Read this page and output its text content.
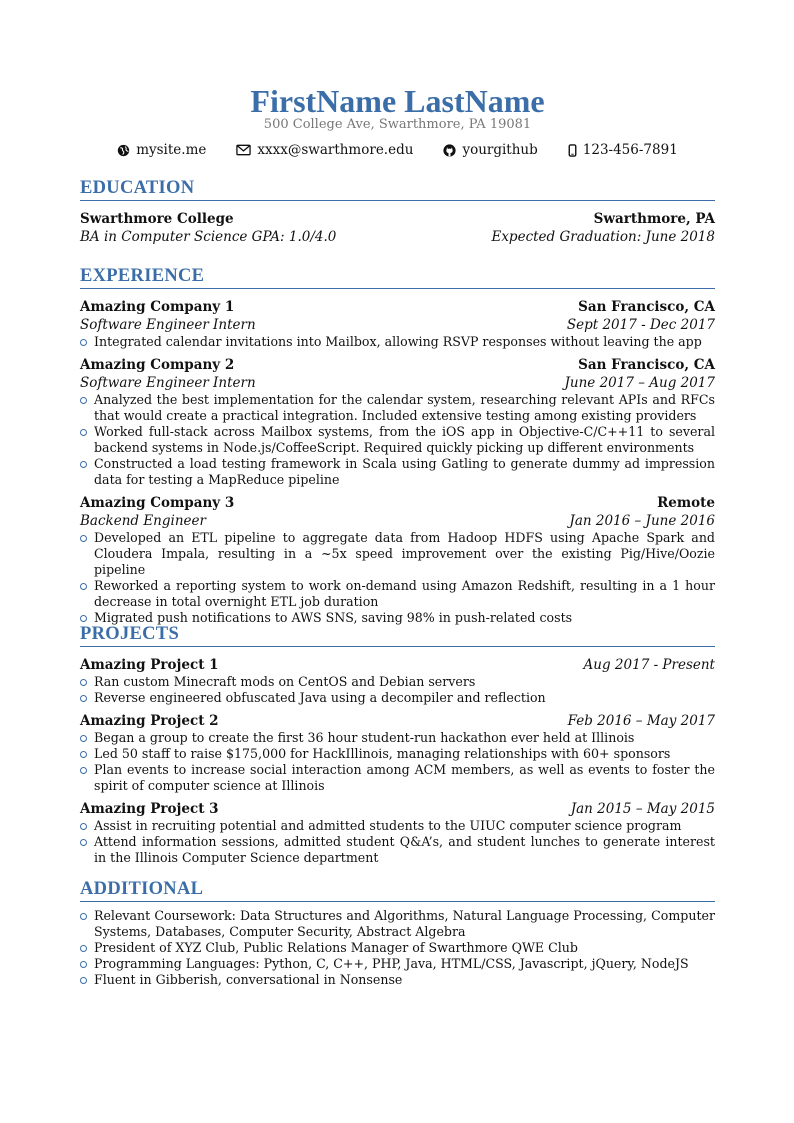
FirstName LastName
500 College Ave, Swarthmore, PA 19081
mysite.me	xxxx@swarthmore.edu	yourgithub	123-456-7891
EDUCATION
Swarthmore College	Swarthmore, PA
BA in Computer Science GPA: 1.0/4.0	Expected Graduation: June 2018
EXPERIENCE
Amazing Company 1	San Francisco, CA
Software Engineer Intern	Sept 2017 - Dec 2017
Integrated calendar invitations into Mailbox, allowing RSVP responses without leaving the app
Amazing Company 2	San Francisco, CA
Software Engineer Intern	June 2017 – Aug 2017
Analyzed the best implementation for the calendar system, researching relevant APIs and RFCs that would create a practical integration. Included extensive testing among existing providers
Worked full-stack across Mailbox systems, from the iOS app in Objective-C/C++11 to several backend systems in Node.js/CoffeeScript. Required quickly picking up different environments
Constructed a load testing framework in Scala using Gatling to generate dummy ad impression data for testing a MapReduce pipeline
Amazing Company 3	Remote
Backend Engineer	Jan 2016 – June 2016
Developed an ETL pipeline to aggregate data from Hadoop HDFS using Apache Spark and Cloudera Impala, resulting in a ~5x speed improvement over the existing Pig/Hive/Oozie pipeline
Reworked a reporting system to work on-demand using Amazon Redshift, resulting in a 1 hour decrease in total overnight ETL job duration
Migrated push notifications to AWS SNS, saving 98% in push-related costs
PROJECTS
Amazing Project 1	Aug 2017 - Present
Ran custom Minecraft mods on CentOS and Debian servers
Reverse engineered obfuscated Java using a decompiler and reflection
Amazing Project 2	Feb 2016 – May 2017
Began a group to create the first 36 hour student-run hackathon ever held at Illinois
Led 50 staff to raise $175,000 for HackIllinois, managing relationships with 60+ sponsors
Plan events to increase social interaction among ACM members, as well as events to foster the spirit of computer science at Illinois
Amazing Project 3	Jan 2015 – May 2015
Assist in recruiting potential and admitted students to the UIUC computer science program
Attend information sessions, admitted student Q&A’s, and student lunches to generate interest in the Illinois Computer Science department
ADDITIONAL
Relevant Coursework: Data Structures and Algorithms, Natural Language Processing, Computer Systems, Databases, Computer Security, Abstract Algebra
President of XYZ Club, Public Relations Manager of Swarthmore QWE Club
Programming Languages: Python, C, C++, PHP, Java, HTML/CSS, Javascript, jQuery, NodeJS
Fluent in Gibberish, conversational in Nonsense
